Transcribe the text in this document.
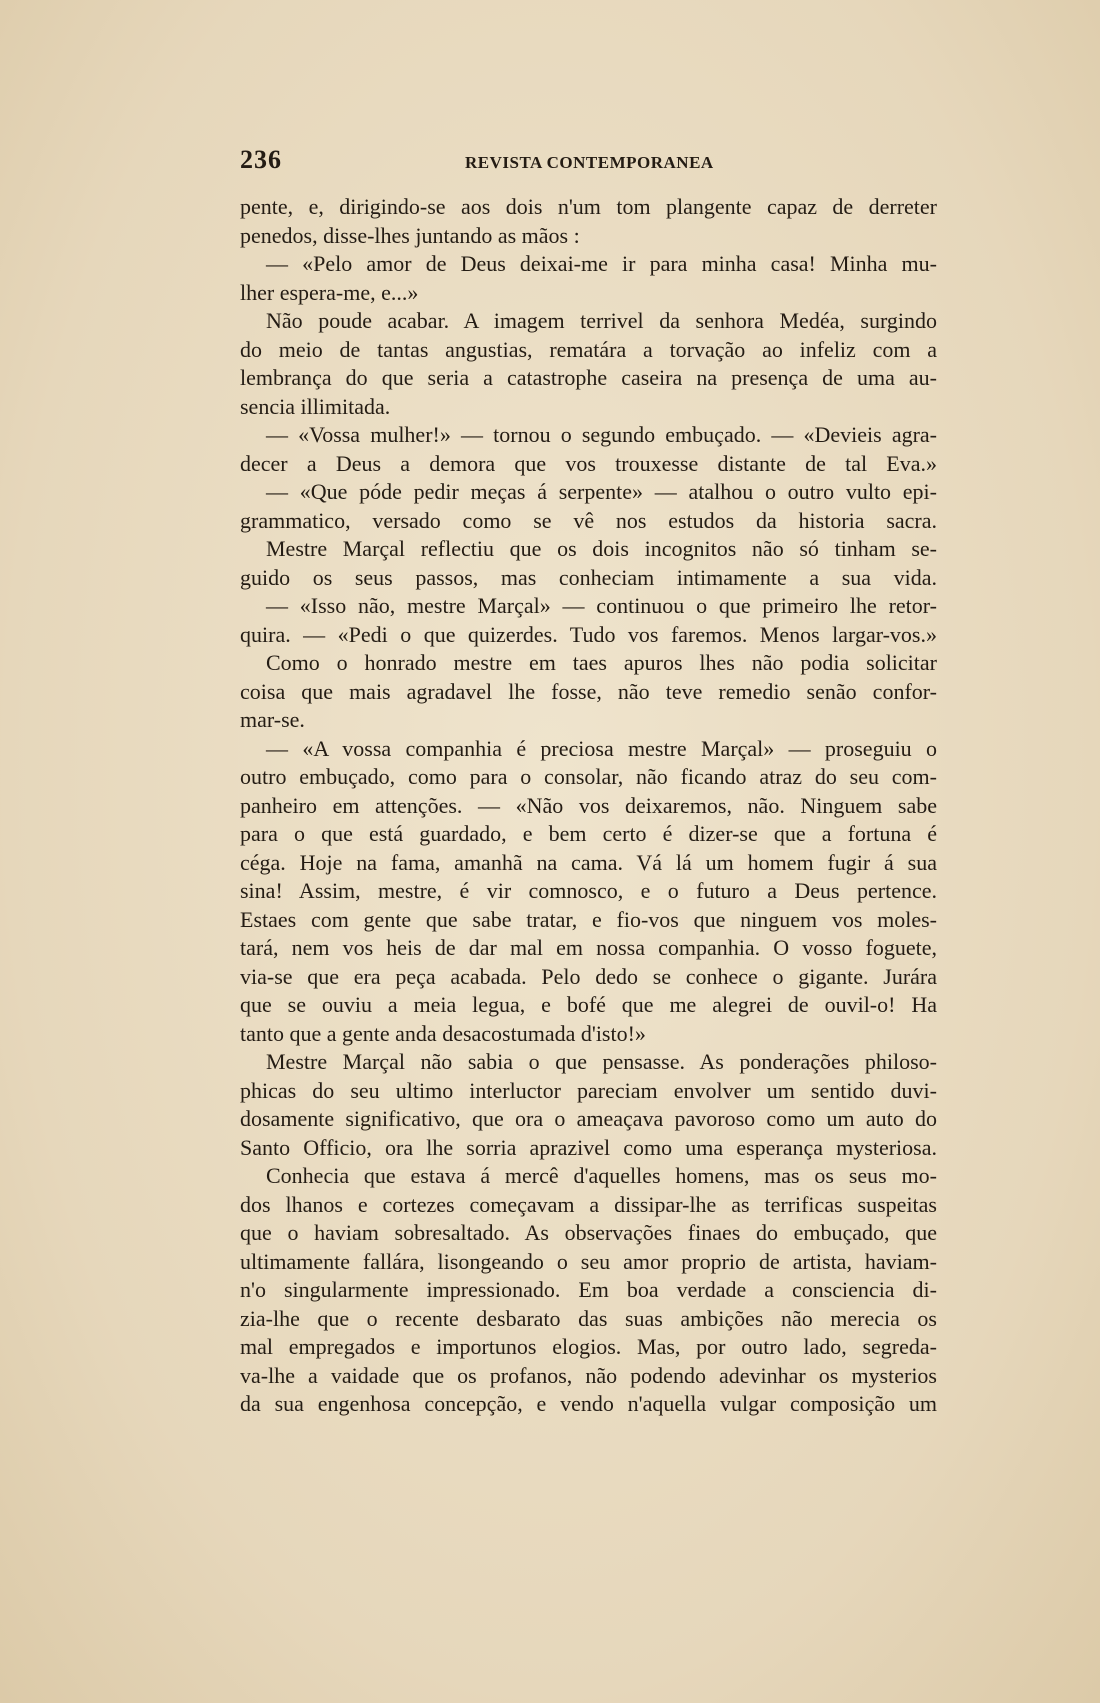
236	REVISTA CONTEMPORANEA
pente, e, dirigindo-se aos dois n'um tom plangente capaz de derreter
penedos, disse-lhes juntando as mãos :
— «Pelo amor de Deus deixai-me ir para minha casa! Minha mu-
lher espera-me, e...»
Não poude acabar. A imagem terrivel da senhora Medéa, surgindo
do meio de tantas angustias, rematára a torvação ao infeliz com a
lembrança do que seria a catastrophe caseira na presença de uma au-
sencia illimitada.
— «Vossa mulher!» — tornou o segundo embuçado. — «Devieis agra-
decer a Deus a demora que vos trouxesse distante de tal Eva.»
— «Que póde pedir meças á serpente» — atalhou o outro vulto epi-
grammatico, versado como se vê nos estudos da historia sacra.
Mestre Marçal reflectiu que os dois incognitos não só tinham se-
guido os seus passos, mas conheciam intimamente a sua vida.
— «Isso não, mestre Marçal» — continuou o que primeiro lhe retor-
quira. — «Pedi o que quizerdes. Tudo vos faremos. Menos largar-vos.»
Como o honrado mestre em taes apuros lhes não podia solicitar
coisa que mais agradavel lhe fosse, não teve remedio senão confor-
mar-se.
— «A vossa companhia é preciosa mestre Marçal» — proseguiu o
outro embuçado, como para o consolar, não ficando atraz do seu com-
panheiro em attenções. — «Não vos deixaremos, não. Ninguem sabe
para o que está guardado, e bem certo é dizer-se que a fortuna é
céga. Hoje na fama, amanhã na cama. Vá lá um homem fugir á sua
sina! Assim, mestre, é vir comnosco, e o futuro a Deus pertence.
Estaes com gente que sabe tratar, e fio-vos que ninguem vos moles-
tará, nem vos heis de dar mal em nossa companhia. O vosso foguete,
via-se que era peça acabada. Pelo dedo se conhece o gigante. Jurára
que se ouviu a meia legua, e bofé que me alegrei de ouvil-o! Ha
tanto que a gente anda desacostumada d'isto!»
Mestre Marçal não sabia o que pensasse. As ponderações philoso-
phicas do seu ultimo interluctor pareciam envolver um sentido duvi-
dosamente significativo, que ora o ameaçava pavoroso como um auto do
Santo Officio, ora lhe sorria aprazivel como uma esperança mysteriosa.
Conhecia que estava á mercê d'aquelles homens, mas os seus mo-
dos lhanos e cortezes começavam a dissipar-lhe as terrificas suspeitas
que o haviam sobresaltado. As observações finaes do embuçado, que
ultimamente fallára, lisongeando o seu amor proprio de artista, haviam-
n'o singularmente impressionado. Em boa verdade a consciencia di-
zia-lhe que o recente desbarato das suas ambições não merecia os
mal empregados e importunos elogios. Mas, por outro lado, segreda-
va-lhe a vaidade que os profanos, não podendo adevinhar os mysterios
da sua engenhosa concepção, e vendo n'aquella vulgar composição um
